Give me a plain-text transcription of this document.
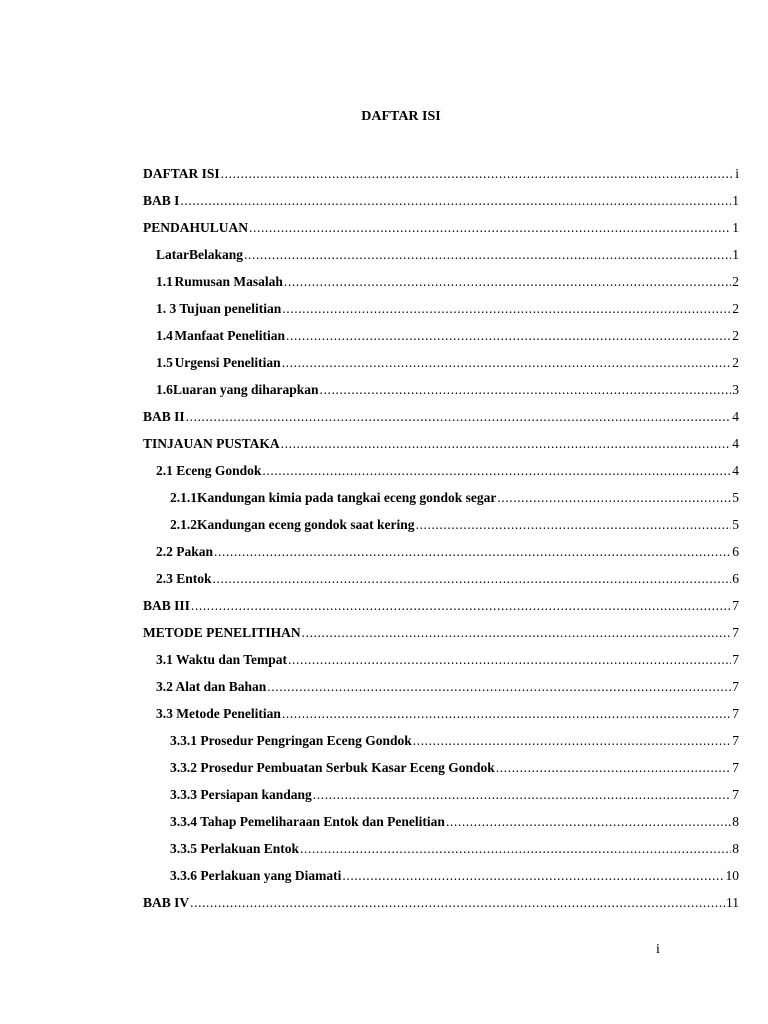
DAFTAR ISI
DAFTAR ISI .....	i
BAB I .....	1
PENDAHULUAN .....	1
LatarBelakang .....	1
1.1 Rumusan Masalah .....	2
1. 3 Tujuan penelitian .....	2
1.4 Manfaat Penelitian .....	2
1.5 Urgensi Penelitian .....	2
1.6 Luaran yang diharapkan .....	3
BAB II .....	4
TINJAUAN PUSTAKA .....	4
2.1 Eceng Gondok .....	4
2.1.1 Kandungan kimia pada tangkai eceng gondok segar .....	5
2.1.2 Kandungan eceng gondok saat kering .....	5
2.2 Pakan .....	6
2.3 Entok .....	6
BAB III .....	7
METODE PENELITIHAN .....	7
3.1 Waktu dan Tempat .....	7
3.2 Alat dan Bahan .....	7
3.3 Metode Penelitian .....	7
3.3.1 Prosedur Pengringan Eceng Gondok .....	7
3.3.2 Prosedur Pembuatan Serbuk Kasar Eceng Gondok .....	7
3.3.3 Persiapan kandang .....	7
3.3.4 Tahap Pemeliharaan Entok dan Penelitian .....	8
3.3.5 Perlakuan Entok .....	8
3.3.6 Perlakuan yang Diamati .....	10
BAB IV .....	11
i
